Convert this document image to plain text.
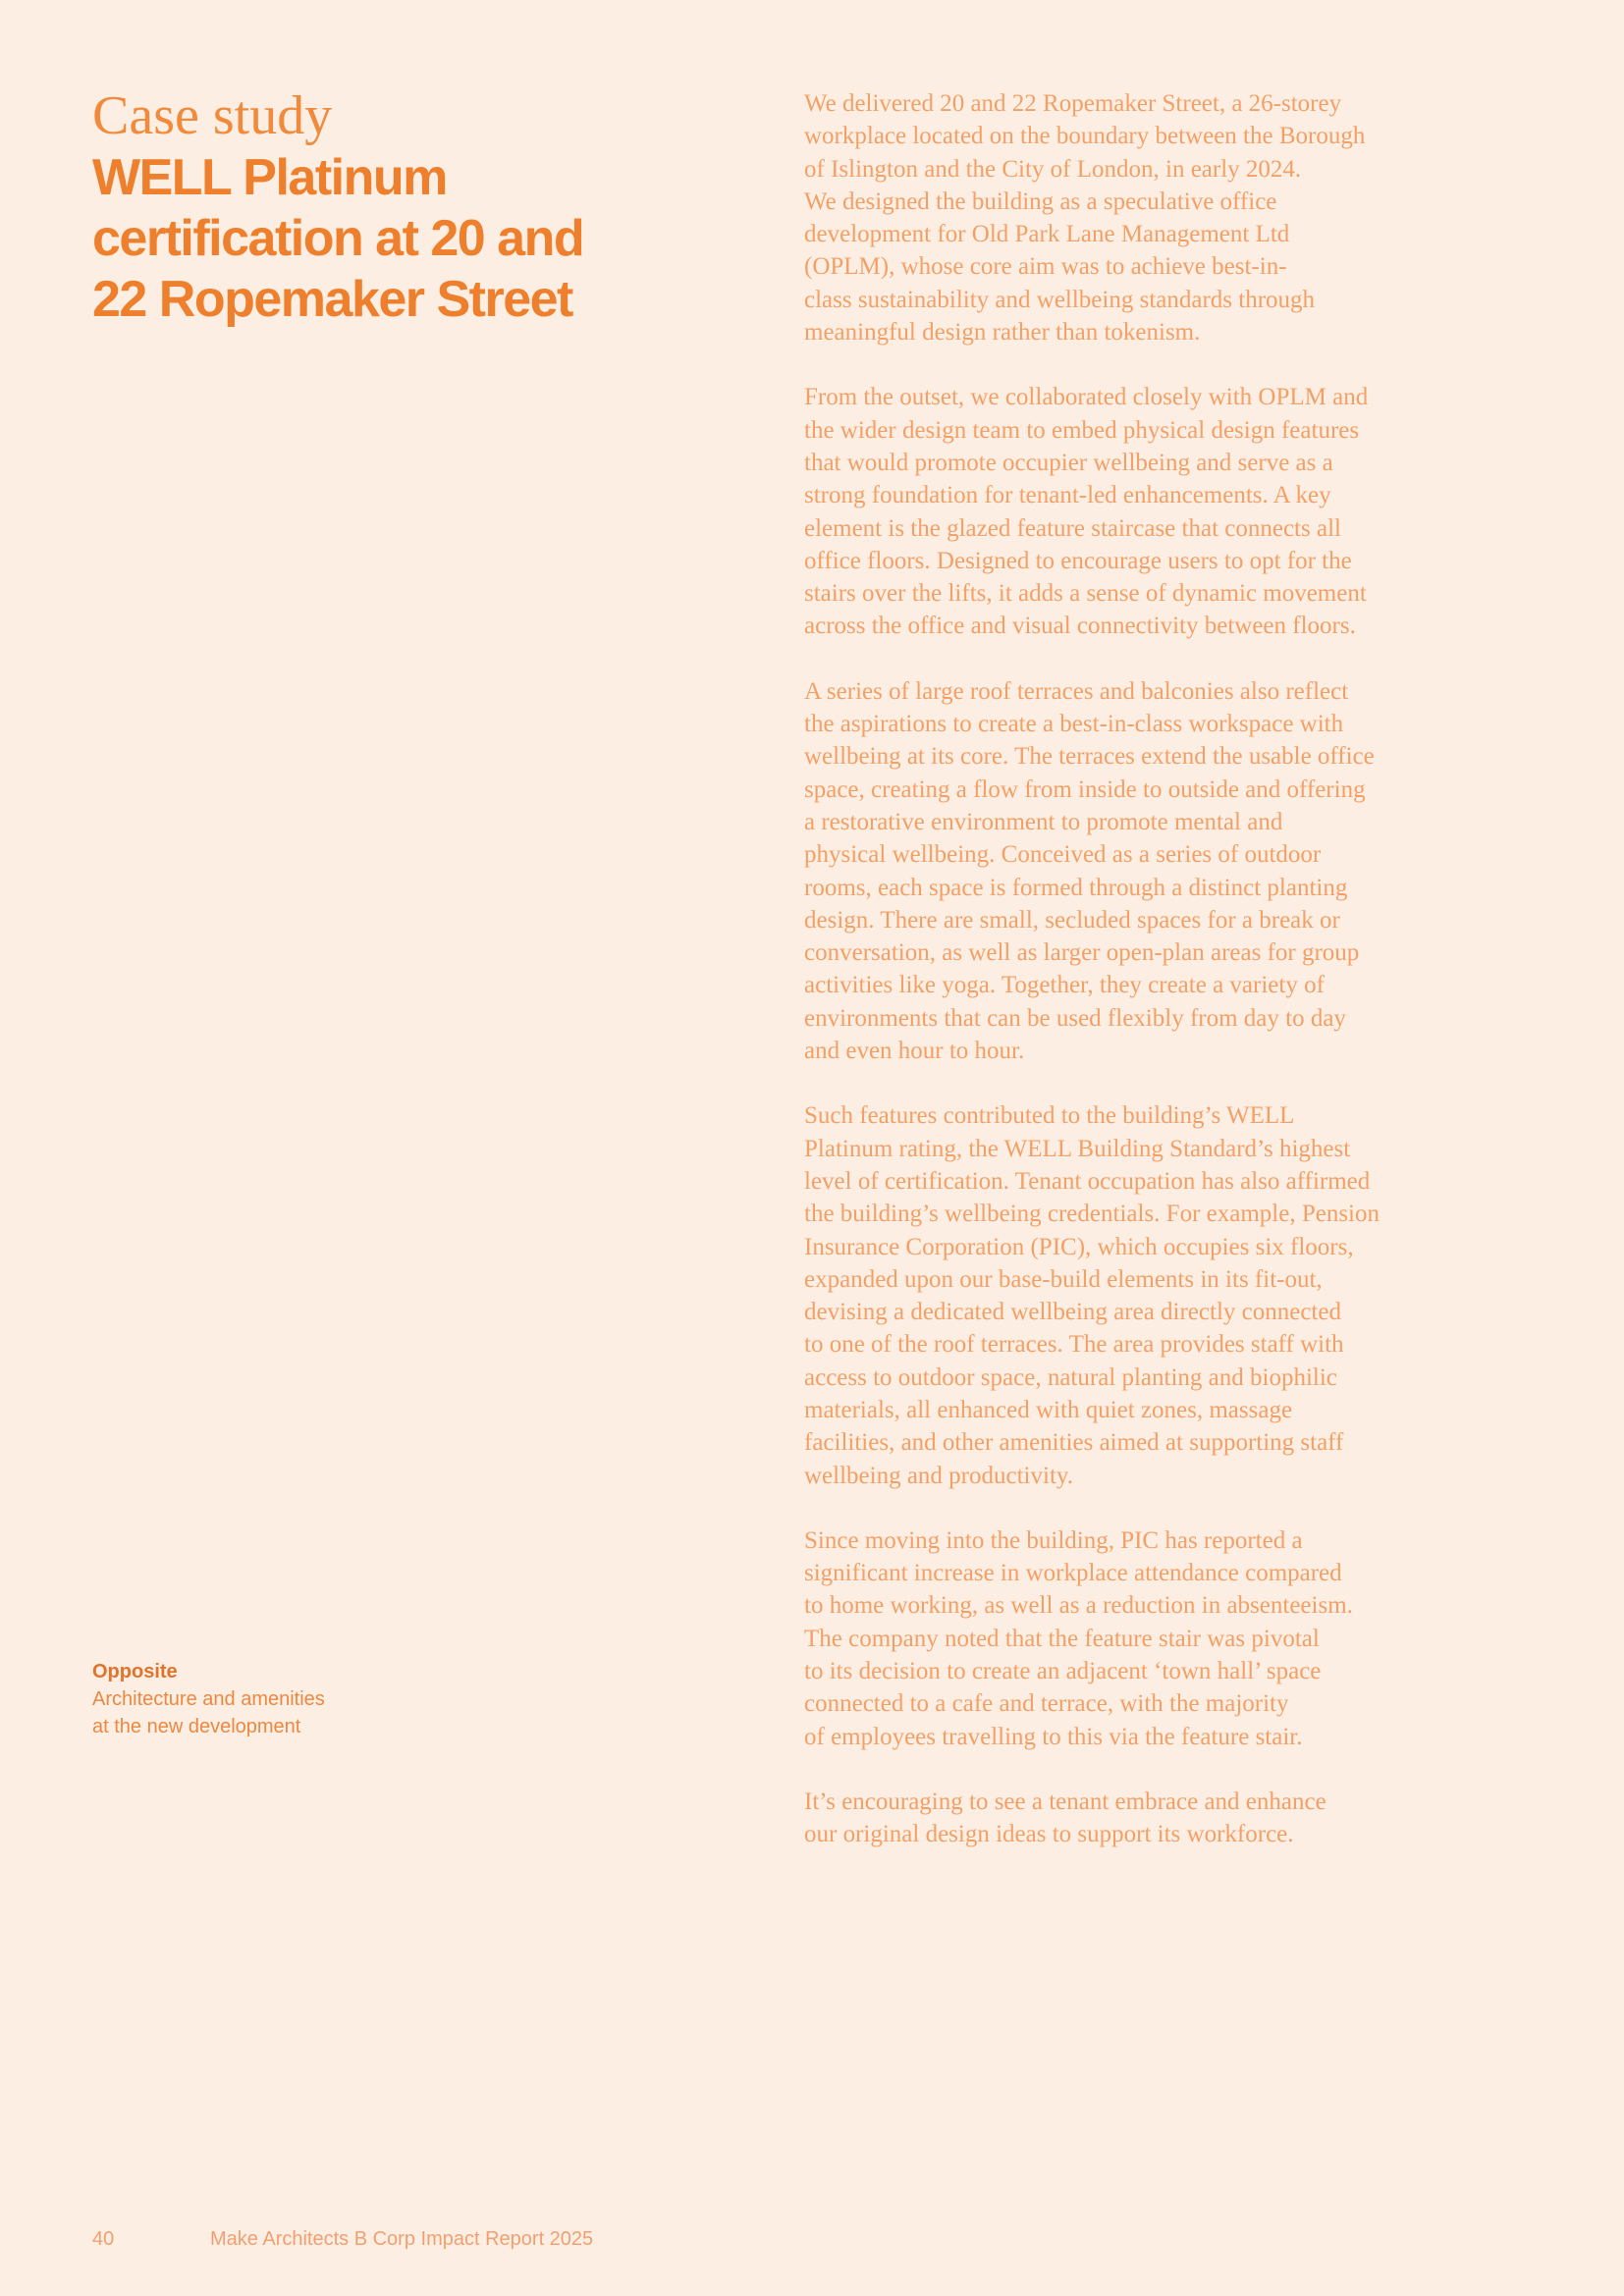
Case study
WELL Platinum
certification at 20 and
22 Ropemaker Street
Opposite
Architecture and amenities
at the new development

We delivered 20 and 22 Ropemaker Street, a 26-storey
workplace located on the boundary between the Borough
of Islington and the City of London, in early 2024.
We designed the building as a speculative office
development for Old Park Lane Management Ltd
(OPLM), whose core aim was to achieve best-in-
class sustainability and wellbeing standards through
meaningful design rather than tokenism.

From the outset, we collaborated closely with OPLM and
the wider design team to embed physical design features
that would promote occupier wellbeing and serve as a
strong foundation for tenant-led enhancements. A key
element is the glazed feature staircase that connects all
office floors. Designed to encourage users to opt for the
stairs over the lifts, it adds a sense of dynamic movement
across the office and visual connectivity between floors.

A series of large roof terraces and balconies also reflect
the aspirations to create a best-in-class workspace with
wellbeing at its core. The terraces extend the usable office
space, creating a flow from inside to outside and offering
a restorative environment to promote mental and
physical wellbeing. Conceived as a series of outdoor
rooms, each space is formed through a distinct planting
design. There are small, secluded spaces for a break or
conversation, as well as larger open-plan areas for group
activities like yoga. Together, they create a variety of
environments that can be used flexibly from day to day
and even hour to hour.

Such features contributed to the building’s WELL
Platinum rating, the WELL Building Standard’s highest
level of certification. Tenant occupation has also affirmed
the building’s wellbeing credentials. For example, Pension
Insurance Corporation (PIC), which occupies six floors,
expanded upon our base-build elements in its fit-out,
devising a dedicated wellbeing area directly connected
to one of the roof terraces. The area provides staff with
access to outdoor space, natural planting and biophilic
materials, all enhanced with quiet zones, massage
facilities, and other amenities aimed at supporting staff
wellbeing and productivity.

Since moving into the building, PIC has reported a
significant increase in workplace attendance compared
to home working, as well as a reduction in absenteeism.
The company noted that the feature stair was pivotal
to its decision to create an adjacent ‘town hall’ space
connected to a cafe and terrace, with the majority
of employees travelling to this via the feature stair.

It’s encouraging to see a tenant embrace and enhance
our original design ideas to support its workforce.

40	Make Architects B Corp Impact Report 2025
